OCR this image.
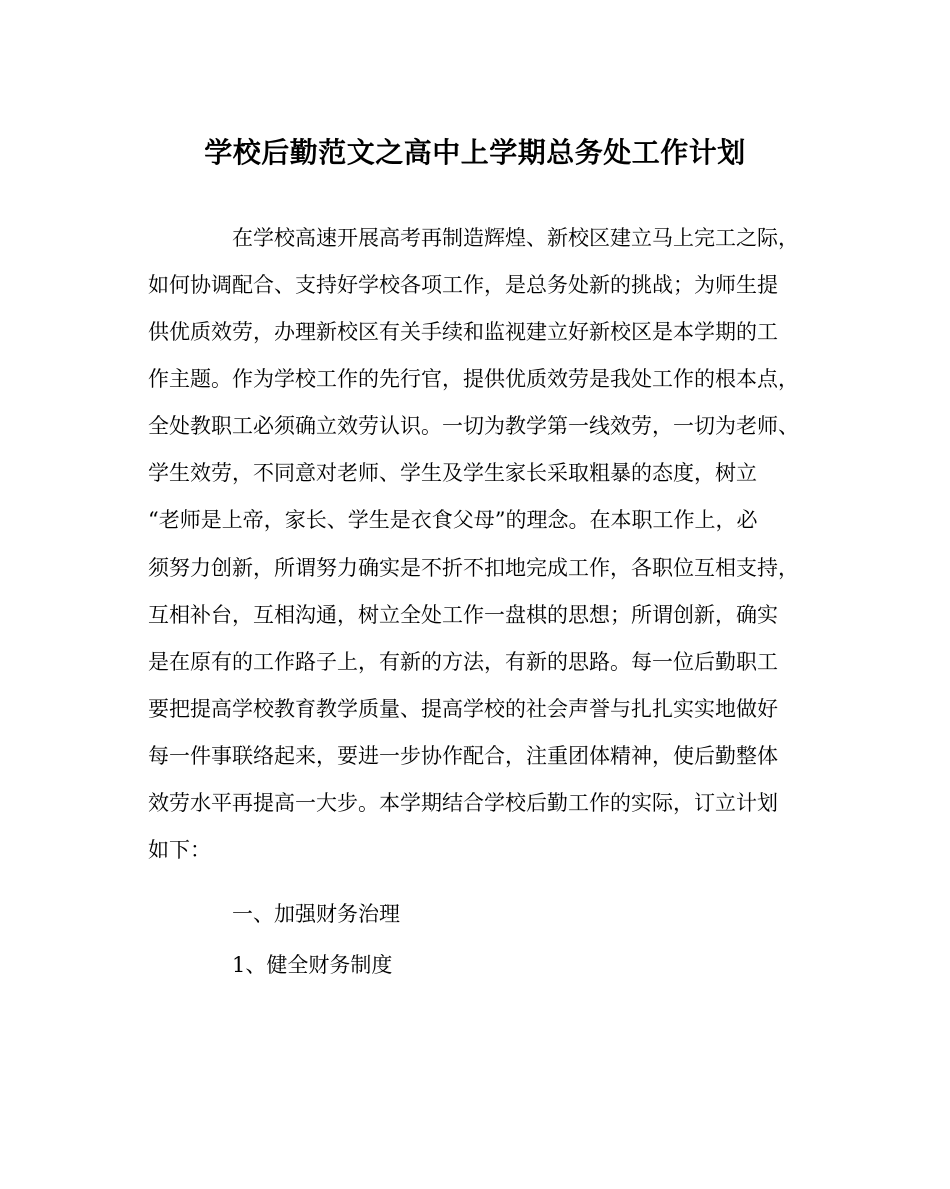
学校后勤范文之高中上学期总务处工作计划
在学校高速开展高考再制造辉煌、新校区建立马上完工之际，
如何协调配合、支持好学校各项工作，是总务处新的挑战；为师生提
供优质效劳，办理新校区有关手续和监视建立好新校区是本学期的工
作主题。作为学校工作的先行官，提供优质效劳是我处工作的根本点，
全处教职工必须确立效劳认识。一切为教学第一线效劳，一切为老师、
学生效劳，不同意对老师、学生及学生家长采取粗暴的态度，树立
“老师是上帝，家长、学生是衣食父母”的理念。在本职工作上，必
须努力创新，所谓努力确实是不折不扣地完成工作，各职位互相支持，
互相补台，互相沟通，树立全处工作一盘棋的思想；所谓创新，确实
是在原有的工作路子上，有新的方法，有新的思路。每一位后勤职工
要把提高学校教育教学质量、提高学校的社会声誉与扎扎实实地做好
每一件事联络起来，要进一步协作配合，注重团体精神，使后勤整体
效劳水平再提高一大步。本学期结合学校后勤工作的实际，订立计划
如下：
一、加强财务治理
1、健全财务制度
